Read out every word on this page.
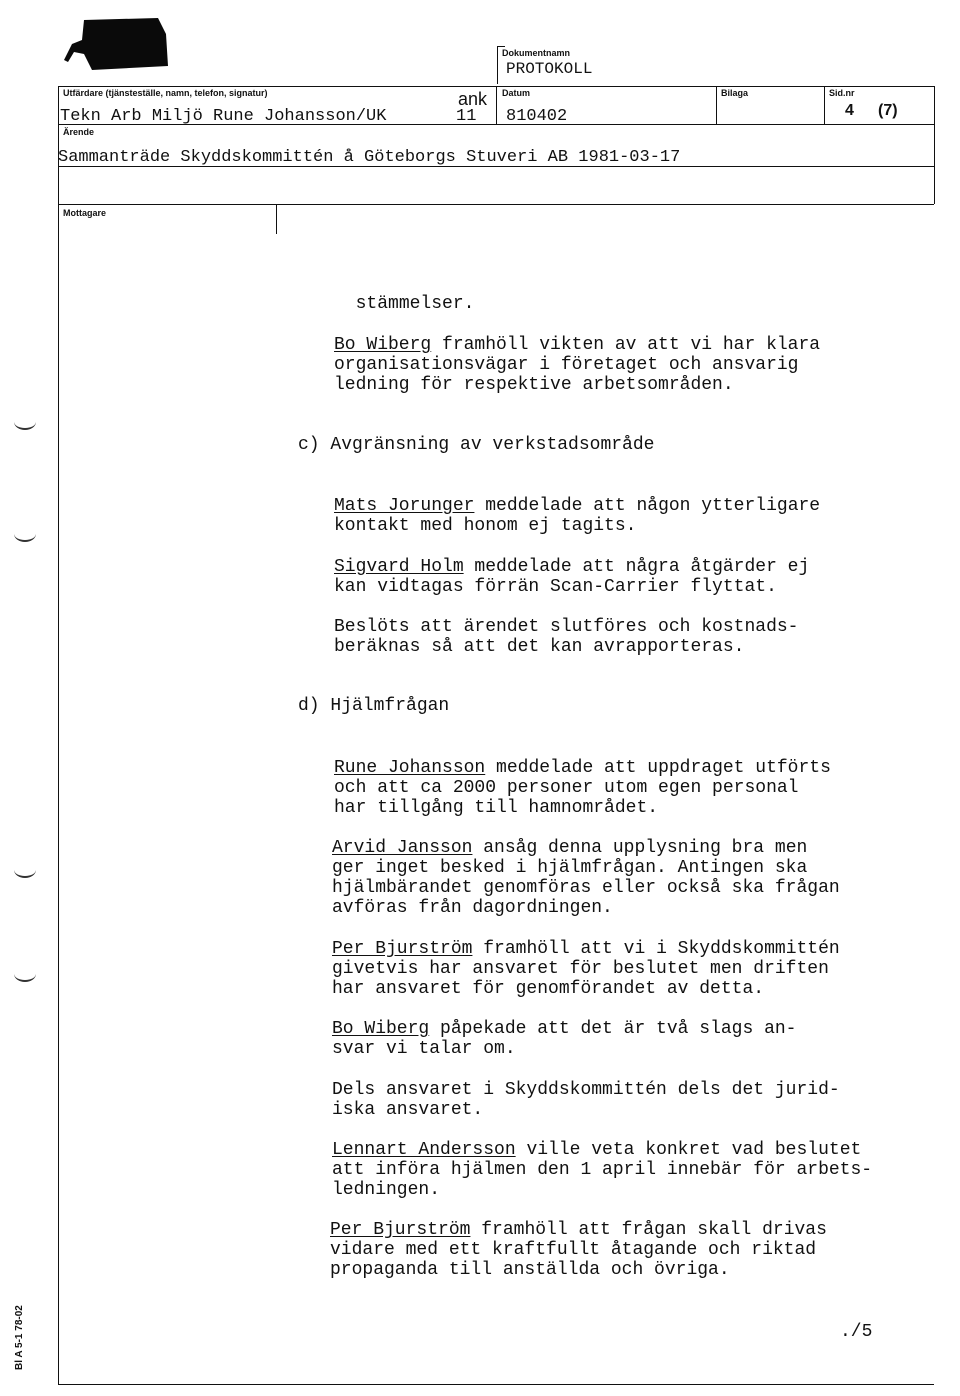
Dokumentnamn
PROTOKOLL
Utfärdare (tjänsteställe, namn, telefon, signatur)	ank
Tekn Arb Miljö Rune Johansson/UK	11
Datum
810402
Bilaga	Sid.nr
4 (7)
Ärende
Sammanträde Skyddskommittén å Göteborgs Stuveri AB 1981-03-17
Mottagare

stämmelser.

Bo Wiberg framhöll vikten av att vi har klara
organisationsvägar i företaget och ansvarig
ledning för respektive arbetsområden.

c) Avgränsning av verkstadsområde

Mats Jorunger meddelade att någon ytterligare
kontakt med honom ej tagits.

Sigvard Holm meddelade att några åtgärder ej
kan vidtagas förrän Scan-Carrier flyttat.

Beslöts att ärendet slutföres och kostnads-
beräknas så att det kan avrapporteras.

d) Hjälmfrågan

Rune Johansson meddelade att uppdraget utförts
och att ca 2000 personer utom egen personal
har tillgång till hamnområdet.

Arvid Jansson ansåg denna upplysning bra men
ger inget besked i hjälmfrågan. Antingen ska
hjälmbärandet genomföras eller också ska frågan
avföras från dagordningen.

Per Bjurström framhöll att vi i Skyddskommittén
givetvis har ansvaret för beslutet men driften
har ansvaret för genomförandet av detta.

Bo Wiberg påpekade att det är två slags an-
svar vi talar om.

Dels ansvaret i Skyddskommittén dels det jurid-
iska ansvaret.

Lennart Andersson ville veta konkret vad beslutet
att införa hjälmen den 1 april innebär för arbets-
ledningen.

Per Bjurström framhöll att frågan skall drivas
vidare med ett kraftfullt åtagande och riktad
propaganda till anställda och övriga.

./5
Bl A 5-1 78-02
